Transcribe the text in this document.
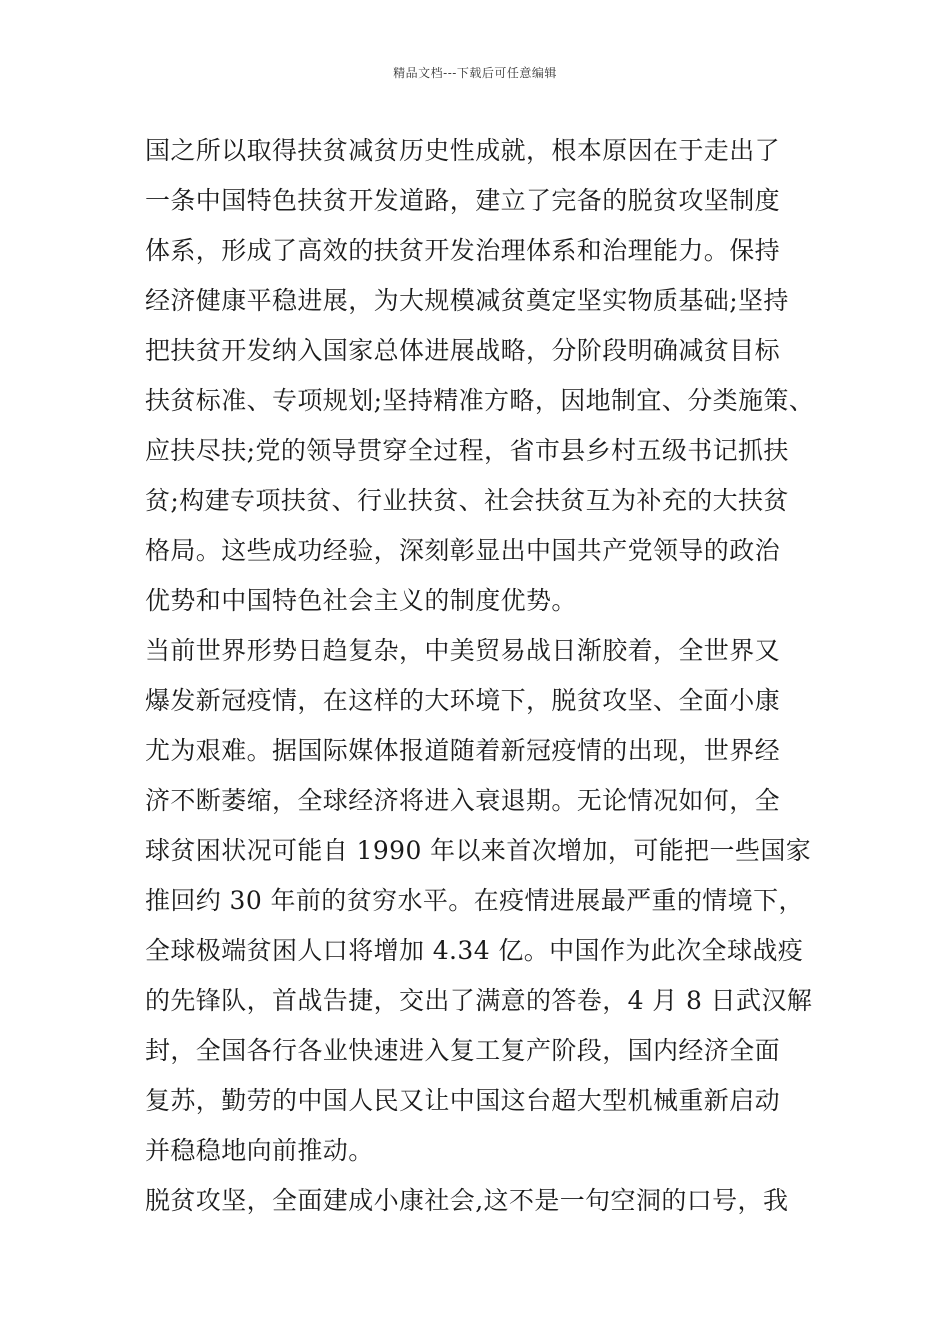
精品文档---下载后可任意编辑
国之所以取得扶贫减贫历史性成就，根本原因在于走出了
一条中国特色扶贫开发道路，建立了完备的脱贫攻坚制度
体系，形成了高效的扶贫开发治理体系和治理能力。保持
经济健康平稳进展，为大规模减贫奠定坚实物质基础;坚持
把扶贫开发纳入国家总体进展战略，分阶段明确减贫目标
扶贫标准、专项规划;坚持精准方略，因地制宜、分类施策、
应扶尽扶;党的领导贯穿全过程，省市县乡村五级书记抓扶
贫;构建专项扶贫、行业扶贫、社会扶贫互为补充的大扶贫
格局。这些成功经验，深刻彰显出中国共产党领导的政治
优势和中国特色社会主义的制度优势。
当前世界形势日趋复杂，中美贸易战日渐胶着，全世界又
爆发新冠疫情，在这样的大环境下，脱贫攻坚、全面小康
尤为艰难。据国际媒体报道随着新冠疫情的出现，世界经
济不断萎缩，全球经济将进入衰退期。无论情况如何，全
球贫困状况可能自 1990 年以来首次增加，可能把一些国家
推回约 30 年前的贫穷水平。在疫情进展最严重的情境下，
全球极端贫困人口将增加 4.34 亿。中国作为此次全球战疫
的先锋队，首战告捷，交出了满意的答卷，4 月 8 日武汉解
封，全国各行各业快速进入复工复产阶段，国内经济全面
复苏，勤劳的中国人民又让中国这台超大型机械重新启动
并稳稳地向前推动。
脱贫攻坚，全面建成小康社会,这不是一句空洞的口号，我
